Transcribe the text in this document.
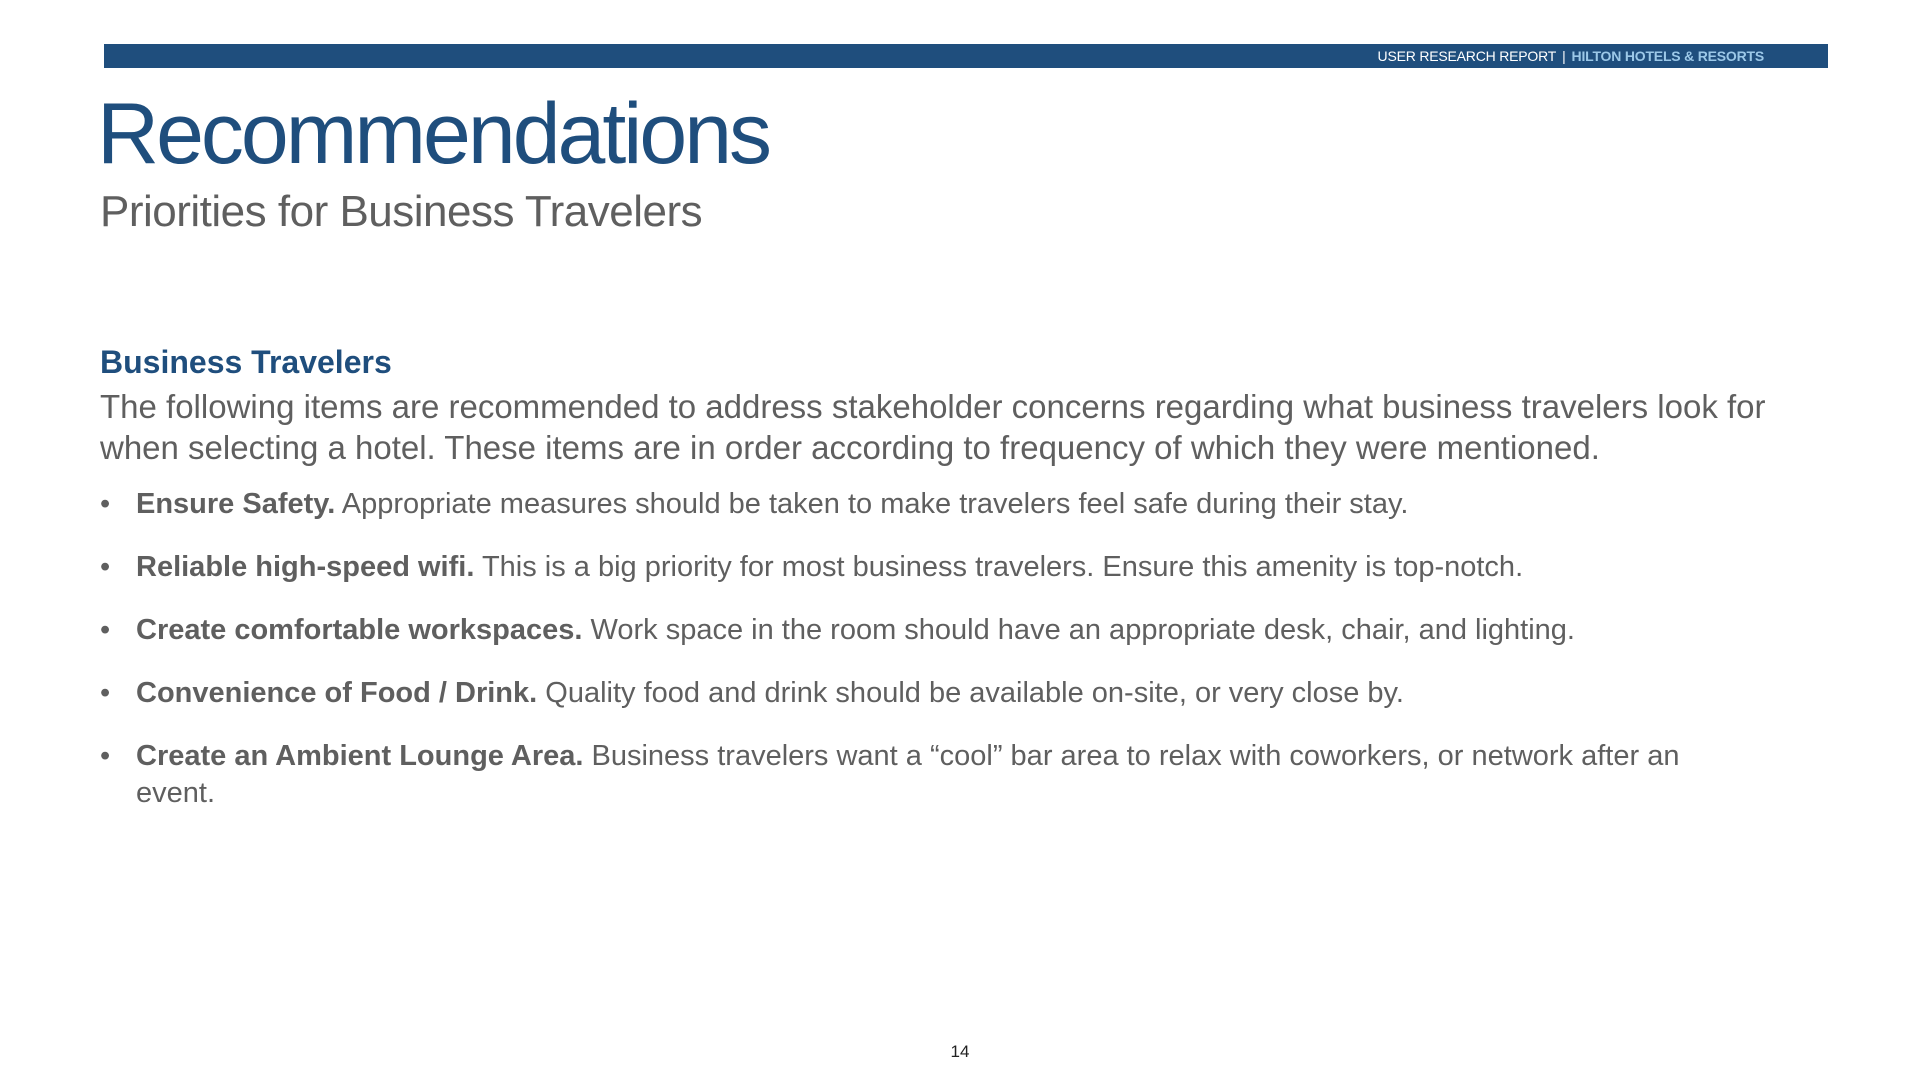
USER RESEARCH REPORT | HILTON HOTELS & RESORTS
Recommendations
Priorities for Business Travelers
Business Travelers

The following items are recommended to address stakeholder concerns regarding what business travelers look for when selecting a hotel. These items are in order according to frequency of which they were mentioned.

• Ensure Safety. Appropriate measures should be taken to make travelers feel safe during their stay.
• Reliable high-speed wifi. This is a big priority for most business travelers. Ensure this amenity is top-notch.
• Create comfortable workspaces. Work space in the room should have an appropriate desk, chair, and lighting.
• Convenience of Food / Drink. Quality food and drink should be available on-site, or very close by.
• Create an Ambient Lounge Area. Business travelers want a “cool” bar area to relax with coworkers, or network after an event.
14
